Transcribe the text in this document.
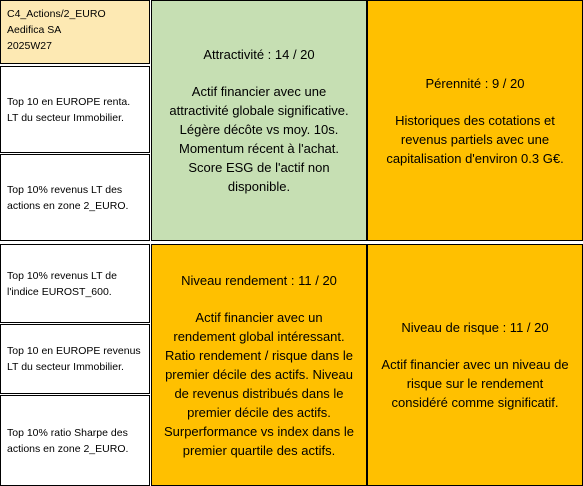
C4_Actions/2_EURO
Aedifica SA
2025W27
Top 10 en EUROPE renta.
LT du secteur Immobilier.
Top 10% revenus LT des
actions en zone 2_EURO.
Top 10% revenus LT de
l'indice EUROST_600.
Top 10 en EUROPE revenus
LT du secteur Immobilier.
Top 10% ratio Sharpe des
actions en zone 2_EURO.
Attractivité : 14 / 20
Actif financier avec une
attractivité globale significative.
Légère décôte vs moy. 10s.
Momentum récent à l'achat.
Score ESG de l'actif non
disponible.
Pérennité : 9 / 20
Historiques des cotations et
revenus partiels avec une
capitalisation d'environ 0.3 G€.
Niveau rendement : 11 / 20
Actif financier avec un
rendement global intéressant.
Ratio rendement / risque dans le
premier décile des actifs. Niveau
de revenus distribués dans le
premier décile des actifs.
Surperformance vs index dans le
premier quartile des actifs.
Niveau de risque : 11 / 20
Actif financier avec un niveau de
risque sur le rendement
considéré comme significatif.
